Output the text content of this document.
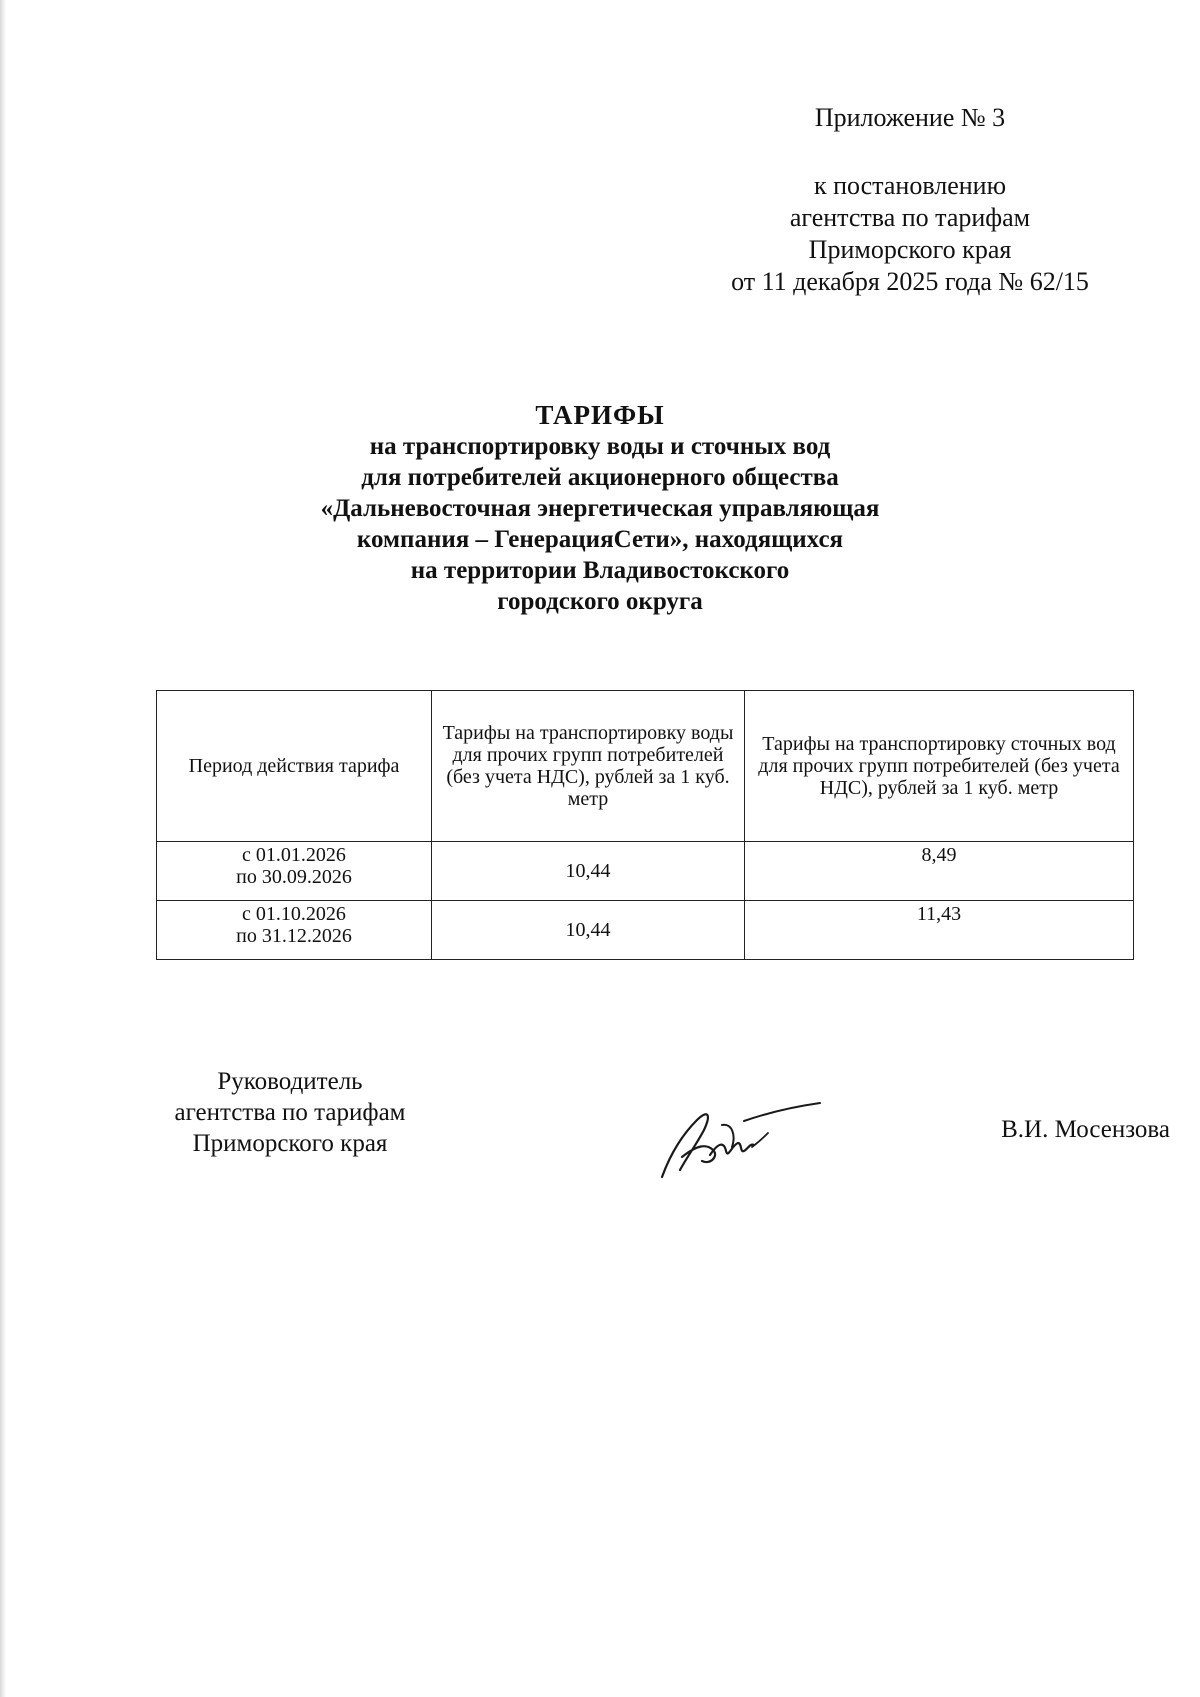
Приложение № 3
к постановлению
агентства по тарифам
Приморского края
от 11 декабря 2025 года № 62/15
ТАРИФЫ
на транспортировку воды и сточных вод
для потребителей акционерного общества
«Дальневосточная энергетическая управляющая
компания – ГенерацияСети», находящихся
на территории Владивостокского
городского округа
Период действия тарифа	Тарифы на транспортировку воды для прочих групп потребителей (без учета НДС), рублей за 1 куб. метр	Тарифы на транспортировку сточных вод для прочих групп потребителей (без учета НДС), рублей за 1 куб. метр

с 01.01.2026
по 30.09.2026	10,44	8,49

с 01.10.2026
по 31.12.2026	10,44	11,43
Руководитель
агентства по тарифам
Приморского края
В.И. Мосензова
